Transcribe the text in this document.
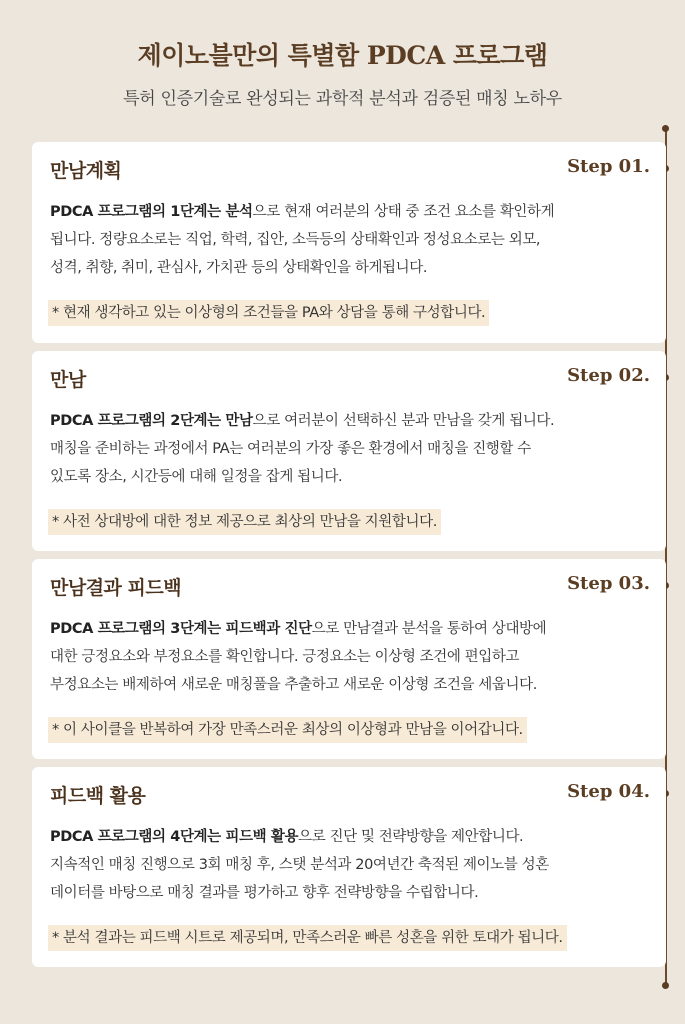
제이노블만의 특별함 PDCA 프로그램
특허 인증기술로 완성되는 과학적 분석과 검증된 매칭 노하우
만남계획	Step 01.
PDCA 프로그램의 1단계는 분석으로 현재 여러분의 상태 중 조건 요소를 확인하게
됩니다. 정량요소로는 직업, 학력, 집안, 소득등의 상태확인과 정성요소로는 외모,
성격, 취향, 취미, 관심사, 가치관 등의 상태확인을 하게됩니다.
* 현재 생각하고 있는 이상형의 조건들을 PA와 상담을 통해 구성합니다.
만남	Step 02.
PDCA 프로그램의 2단계는 만남으로 여러분이 선택하신 분과 만남을 갖게 됩니다.
매칭을 준비하는 과정에서 PA는 여러분의 가장 좋은 환경에서 매칭을 진행할 수
있도록 장소, 시간등에 대해 일정을 잡게 됩니다.
* 사전 상대방에 대한 정보 제공으로 최상의 만남을 지원합니다.
만남결과 피드백	Step 03.
PDCA 프로그램의 3단계는 피드백과 진단으로 만남결과 분석을 통하여 상대방에
대한 긍정요소와 부정요소를 확인합니다. 긍정요소는 이상형 조건에 편입하고
부정요소는 배제하여 새로운 매칭풀을 추출하고 새로운 이상형 조건을 세웁니다.
* 이 사이클을 반복하여 가장 만족스러운 최상의 이상형과 만남을 이어갑니다.
피드백 활용	Step 04.
PDCA 프로그램의 4단계는 피드백 활용으로 진단 및 전략방향을 제안합니다.
지속적인 매칭 진행으로 3회 매칭 후, 스탯 분석과 20여년간 축적된 제이노블 성혼
데이터를 바탕으로 매칭 결과를 평가하고 향후 전략방향을 수립합니다.
* 분석 결과는 피드백 시트로 제공되며, 만족스러운 빠른 성혼을 위한 토대가 됩니다.
